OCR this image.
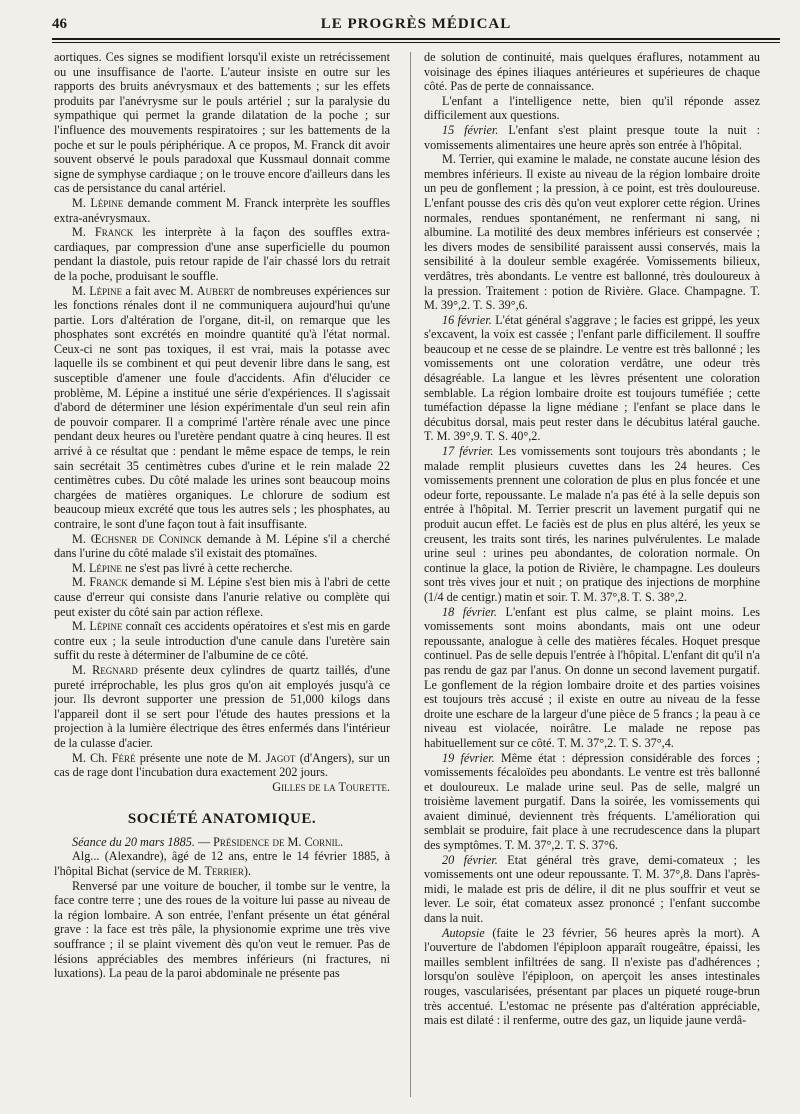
46	LE PROGRÈS MÉDICAL

aortiques. Ces signes se modifient lorsqu'il existe un retrécissement ou une insuffisance de l'aorte. L'auteur insiste en outre sur les rapports des bruits anévrysmaux et des battements ; sur les effets produits par l'anévrysme sur le pouls artériel ; sur la paralysie du sympathique qui permet la grande dilatation de la poche ; sur l'influence des mouvements respiratoires ; sur les battements de la poche et sur le pouls périphérique. A ce propos, M. Franck dit avoir souvent observé le pouls paradoxal que Kussmaul donnait comme signe de symphyse cardiaque ; on le trouve encore d'ailleurs dans les cas de persistance du canal artériel.

M. Lépine demande comment M. Franck interprète les souffles extra-anévrysmaux.

M. Franck les interprète à la façon des souffles extra-cardiaques, par compression d'une anse superficielle du poumon pendant la diastole, puis retour rapide de l'air chassé lors du retrait de la poche, produisant le souffle.

M. Lépine a fait avec M. Aubert de nombreuses expériences sur les fonctions rénales dont il ne communiquera aujourd'hui qu'une partie. Lors d'altération de l'organe, dit-il, on remarque que les phosphates sont excrétés en moindre quantité qu'à l'état normal. Ceux-ci ne sont pas toxiques, il est vrai, mais la potasse avec laquelle ils se combinent et qui peut devenir libre dans le sang, est susceptible d'amener une foule d'accidents. Afin d'élucider ce problème, M. Lépine a institué une série d'expériences. Il s'agissait d'abord de déterminer une lésion expérimentale d'un seul rein afin de pouvoir comparer. Il a comprimé l'artère rénale avec une pince pendant deux heures ou l'uretère pendant quatre à cinq heures. Il est arrivé à ce résultat que : pendant le même espace de temps, le rein sain secrétait 35 centimètres cubes d'urine et le rein malade 22 centimètres cubes. Du côté malade les urines sont beaucoup moins chargées de matières organiques. Le chlorure de sodium est beaucoup mieux excrété que tous les autres sels ; les phosphates, au contraire, le sont d'une façon tout à fait insuffisante.

M. Œchsner de Coninck demande à M. Lépine s'il a cherché dans l'urine du côté malade s'il existait des ptomaïnes.

M. Lépine ne s'est pas livré à cette recherche.

M. Franck demande si M. Lépine s'est bien mis à l'abri de cette cause d'erreur qui consiste dans l'anurie relative ou complète qui peut exister du côté sain par action réflexe.

M. Lépine connaît ces accidents opératoires et s'est mis en garde contre eux ; la seule introduction d'une canule dans l'uretère sain suffit du reste à déterminer de l'albumine de ce côté.

M. Regnard présente deux cylindres de quartz taillés, d'une pureté irréprochable, les plus gros qu'on ait employés jusqu'à ce jour. Ils devront supporter une pression de 51,000 kilogs dans l'appareil dont il se sert pour l'étude des hautes pressions et la projection à la lumière électrique des êtres enfermés dans l'intérieur de la culasse d'acier.

M. Ch. Féré présente une note de M. Jagot (d'Angers), sur un cas de rage dont l'incubation dura exactement 202 jours.

Gilles de la Tourette.

SOCIÉTÉ ANATOMIQUE.

Séance du 20 mars 1885. — Présidence de M. Cornil.

Alg... (Alexandre), âgé de 12 ans, entre le 14 février 1885, à l'hôpital Bichat (service de M. Terrier).

Renversé par une voiture de boucher, il tombe sur le ventre, la face contre terre ; une des roues de la voiture lui passe au niveau de la région lombaire. A son entrée, l'enfant présente un état général grave : la face est très pâle, la physionomie exprime une très vive souffrance ; il se plaint vivement dès qu'on veut le remuer. Pas de lésions appréciables des membres inférieurs (ni fractures, ni luxations). La peau de la paroi abdominale ne présente pas

de solution de continuité, mais quelques éraflures, notamment au voisinage des épines iliaques antérieures et supérieures de chaque côté. Pas de perte de connaissance.

L'enfant a l'intelligence nette, bien qu'il réponde assez difficilement aux questions.

15 février. L'enfant s'est plaint presque toute la nuit : vomissements alimentaires une heure après son entrée à l'hôpital.

M. Terrier, qui examine le malade, ne constate aucune lésion des membres inférieurs. Il existe au niveau de la région lombaire droite un peu de gonflement ; la pression, à ce point, est très douloureuse. L'enfant pousse des cris dès qu'on veut explorer cette région. Urines normales, rendues spontanément, ne renfermant ni sang, ni albumine. La motilité des deux membres inférieurs est conservée ; les divers modes de sensibilité paraissent aussi conservés, mais la sensibilité à la douleur semble exagérée. Vomissements bilieux, verdâtres, très abondants. Le ventre est ballonné, très douloureux à la pression. Traitement : potion de Rivière. Glace. Champagne. T. M. 39°,2. T. S. 39°,6.

16 février. L'état général s'aggrave ; le facies est grippé, les yeux s'excavent, la voix est cassée ; l'enfant parle difficilement. Il souffre beaucoup et ne cesse de se plaindre. Le ventre est très ballonné ; les vomissements ont une coloration verdâtre, une odeur très désagréable. La langue et les lèvres présentent une coloration semblable. La région lombaire droite est toujours tuméfiée ; cette tuméfaction dépasse la ligne médiane ; l'enfant se place dans le décubitus dorsal, mais peut rester dans le décubitus latéral gauche. T. M. 39°,9. T. S. 40°,2.

17 février. Les vomissements sont toujours très abondants ; le malade remplit plusieurs cuvettes dans les 24 heures. Ces vomissements prennent une coloration de plus en plus foncée et une odeur forte, repoussante. Le malade n'a pas été à la selle depuis son entrée à l'hôpital. M. Terrier prescrit un lavement purgatif qui ne produit aucun effet. Le faciès est de plus en plus altéré, les yeux se creusent, les traits sont tirés, les narines pulvérulentes. Le malade urine seul : urines peu abondantes, de coloration normale. On continue la glace, la potion de Rivière, le champagne. Les douleurs sont très vives jour et nuit ; on pratique des injections de morphine (1/4 de centigr.) matin et soir. T. M. 37°,8. T. S. 38°,2.

18 février. L'enfant est plus calme, se plaint moins. Les vomissements sont moins abondants, mais ont une odeur repoussante, analogue à celle des matières fécales. Hoquet presque continuel. Pas de selle depuis l'entrée à l'hôpital. L'enfant dit qu'il n'a pas rendu de gaz par l'anus. On donne un second lavement purgatif. Le gonflement de la région lombaire droite et des parties voisines est toujours très accusé ; il existe en outre au niveau de la fesse droite une eschare de la largeur d'une pièce de 5 francs ; la peau à ce niveau est violacée, noirâtre. Le malade ne repose pas habituellement sur ce côté. T. M. 37°,2. T. S. 37°,4.

19 février. Même état : dépression considérable des forces ; vomissements fécaloïdes peu abondants. Le ventre est très ballonné et douloureux. Le malade urine seul. Pas de selle, malgré un troisième lavement purgatif. Dans la soirée, les vomissements qui avaient diminué, deviennent très fréquents. L'amélioration qui semblait se produire, fait place à une recrudescence dans la plupart des symptômes. T. M. 37°,2. T. S. 37°6.

20 février. Etat général très grave, demi-comateux ; les vomissements ont une odeur repoussante. T. M. 37°,8. Dans l'après-midi, le malade est pris de délire, il dit ne plus souffrir et veut se lever. Le soir, état comateux assez prononcé ; l'enfant succombe dans la nuit.

Autopsie (faite le 23 février, 56 heures après la mort). A l'ouverture de l'abdomen l'épiploon apparaît rougeâtre, épaissi, les mailles semblent infiltrées de sang. Il n'existe pas d'adhérences ; lorsqu'on soulève l'épiploon, on aperçoit les anses intestinales rouges, vascularisées, présentant par places un piqueté rouge-brun très accentué. L'estomac ne présente pas d'altération appréciable, mais est dilaté : il renferme, outre des gaz, un liquide jaune verdâ-
